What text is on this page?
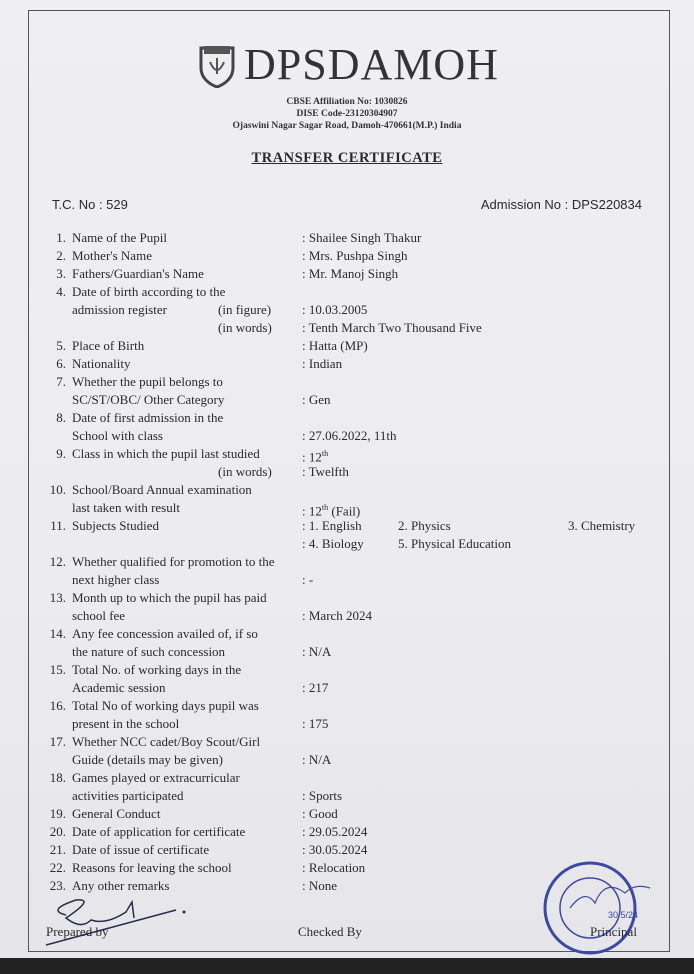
DPSDAMOH
CBSE Affiliation No: 1030826
DISE Code-23120304907
Ojaswini Nagar Sagar Road, Damoh-470661(M.P.) India
TRANSFER CERTIFICATE
T.C. No : 529	Admission No : DPS220834
1. Name of the Pupil	: Shailee Singh Thakur
2. Mother's Name	: Mrs. Pushpa Singh
3. Fathers/Guardian's Name	: Mr. Manoj Singh
4. Date of birth according to the
admission register	(in figure) : 10.03.2005
(in words) : Tenth March Two Thousand Five
5. Place of Birth	: Hatta (MP)
6. Nationality	: Indian
7. Whether the pupil belongs to
SC/ST/OBC/ Other Category	: Gen
8. Date of first admission in the
School with class	: 27.06.2022, 11th
9. Class in which the pupil last studied	: 12th
(in words) : Twelfth
10. School/Board Annual examination
last taken with result	: 12th (Fail)
11. Subjects Studied	: 1. English	2. Physics	3. Chemistry
: 4. Biology	5. Physical Education
12. Whether qualified for promotion to the
next higher class	: -
13. Month up to which the pupil has paid
school fee	: March 2024
14. Any fee concession availed of, if so
the nature of such concession	: N/A
15. Total No. of working days in the
Academic session	: 217
16. Total No of working days pupil was
present in the school	: 175
17. Whether NCC cadet/Boy Scout/Girl
Guide (details may be given)	: N/A
18. Games played or extracurricular
activities participated	: Sports
19. General Conduct	: Good
20. Date of application for certificate	: 29.05.2024
21. Date of issue of certificate	: 30.05.2024
22. Reasons for leaving the school	: Relocation
23. Any other remarks	: None
Prepared by	Checked By
30/5/24
Principal
